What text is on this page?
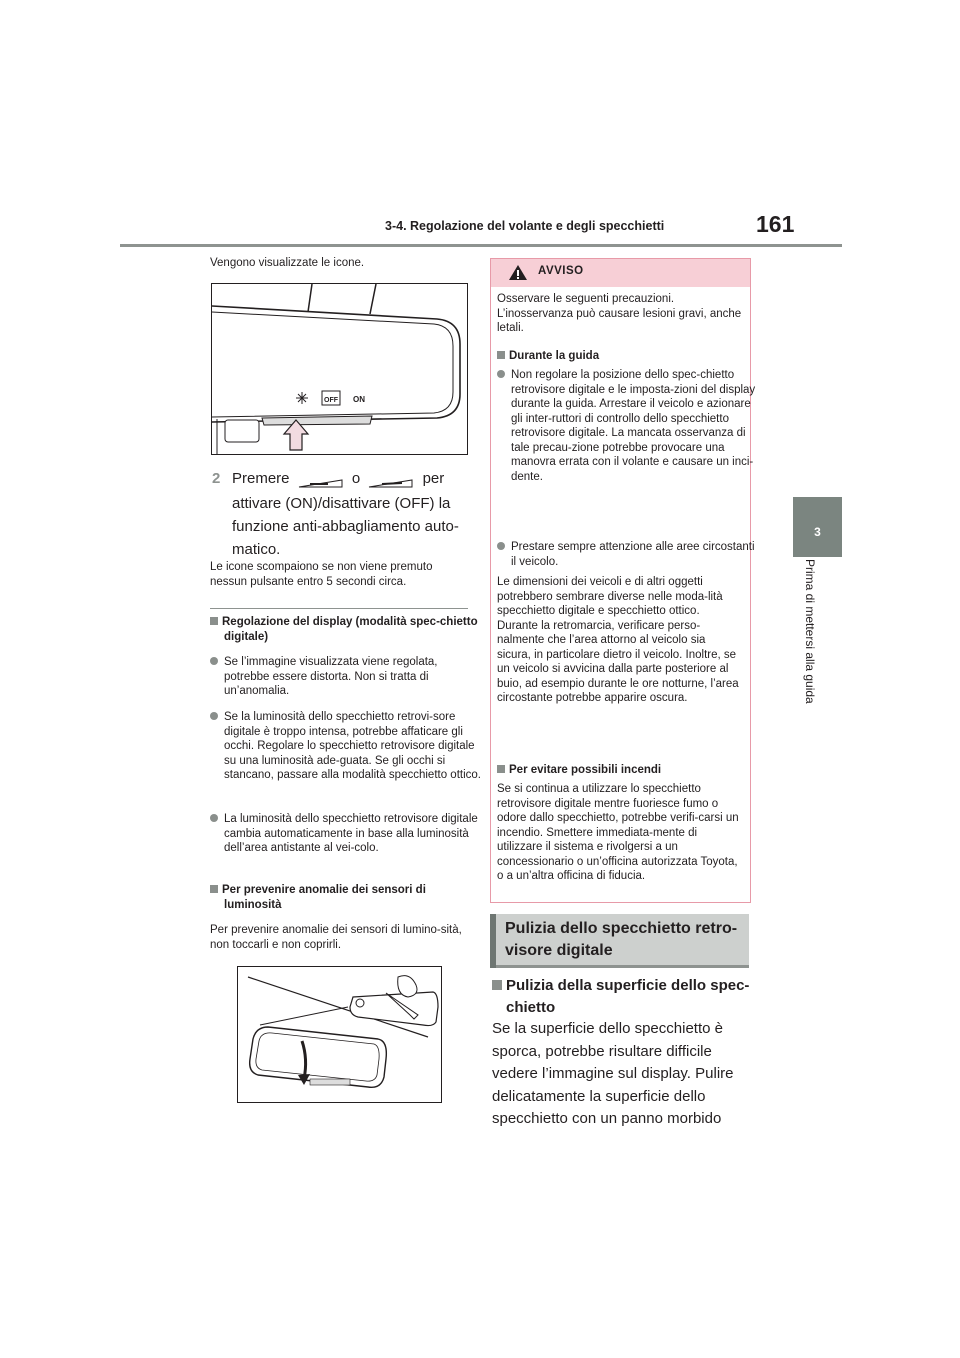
3-4. Regolazione del volante e degli specchietti	161
3
Prima di mettersi alla guida
Vengono visualizzate le icone.
OFF ON
2 Premere	o	per
attivare (ON)/disattivare (OFF) la funzione anti-abbagliamento auto-matico.
Le icone scompaiono se non viene premuto nessun pulsante entro 5 secondi circa.
Regolazione del display (modalità spec-chietto digitale)
Se l’immagine visualizzata viene regolata, potrebbe essere distorta. Non si tratta di un’anomalia.
Se la luminosità dello specchietto retrovi-sore digitale è troppo intensa, potrebbe affaticare gli occhi. Regolare lo specchietto retrovisore digitale su una luminosità ade-guata. Se gli occhi si stancano, passare alla modalità specchietto ottico.
La luminosità dello specchietto retrovisore digitale cambia automaticamente in base alla luminosità dell’area antistante al vei-colo.
Per prevenire anomalie dei sensori di luminosità
Per prevenire anomalie dei sensori di lumino-sità, non toccarli e non coprirli.
AVVISO
Osservare le seguenti precauzioni. L’inosservanza può causare lesioni gravi, anche letali.
Durante la guida
Non regolare la posizione dello spec-chietto retrovisore digitale e le imposta-zioni del display durante la guida. Arrestare il veicolo e azionare gli inter-ruttori di controllo dello specchietto retrovisore digitale. La mancata osservanza di tale precau-zione potrebbe provocare una manovra errata con il volante e causare un inci-dente.
Prestare sempre attenzione alle aree circostanti il veicolo.
Le dimensioni dei veicoli e di altri oggetti potrebbero sembrare diverse nelle moda-lità specchietto digitale e specchietto ottico. Durante la retromarcia, verificare perso-nalmente che l’area attorno al veicolo sia sicura, in particolare dietro il veicolo. Inoltre, se un veicolo si avvicina dalla parte posteriore al buio, ad esempio durante le ore notturne, l’area circostante potrebbe apparire oscura.
Per evitare possibili incendi
Se si continua a utilizzare lo specchietto retrovisore digitale mentre fuoriesce fumo o odore dallo specchietto, potrebbe verifi-carsi un incendio. Smettere immediata-mente di utilizzare il sistema e rivolgersi a un concessionario o un’officina autorizzata Toyota, o a un’altra officina di fiducia.
Pulizia dello specchietto retro-visore digitale
Pulizia della superficie dello spec-chietto
Se la superficie dello specchietto è sporca, potrebbe risultare difficile vedere l’immagine sul display. Pulire delicatamente la superficie dello specchietto con un panno morbido
